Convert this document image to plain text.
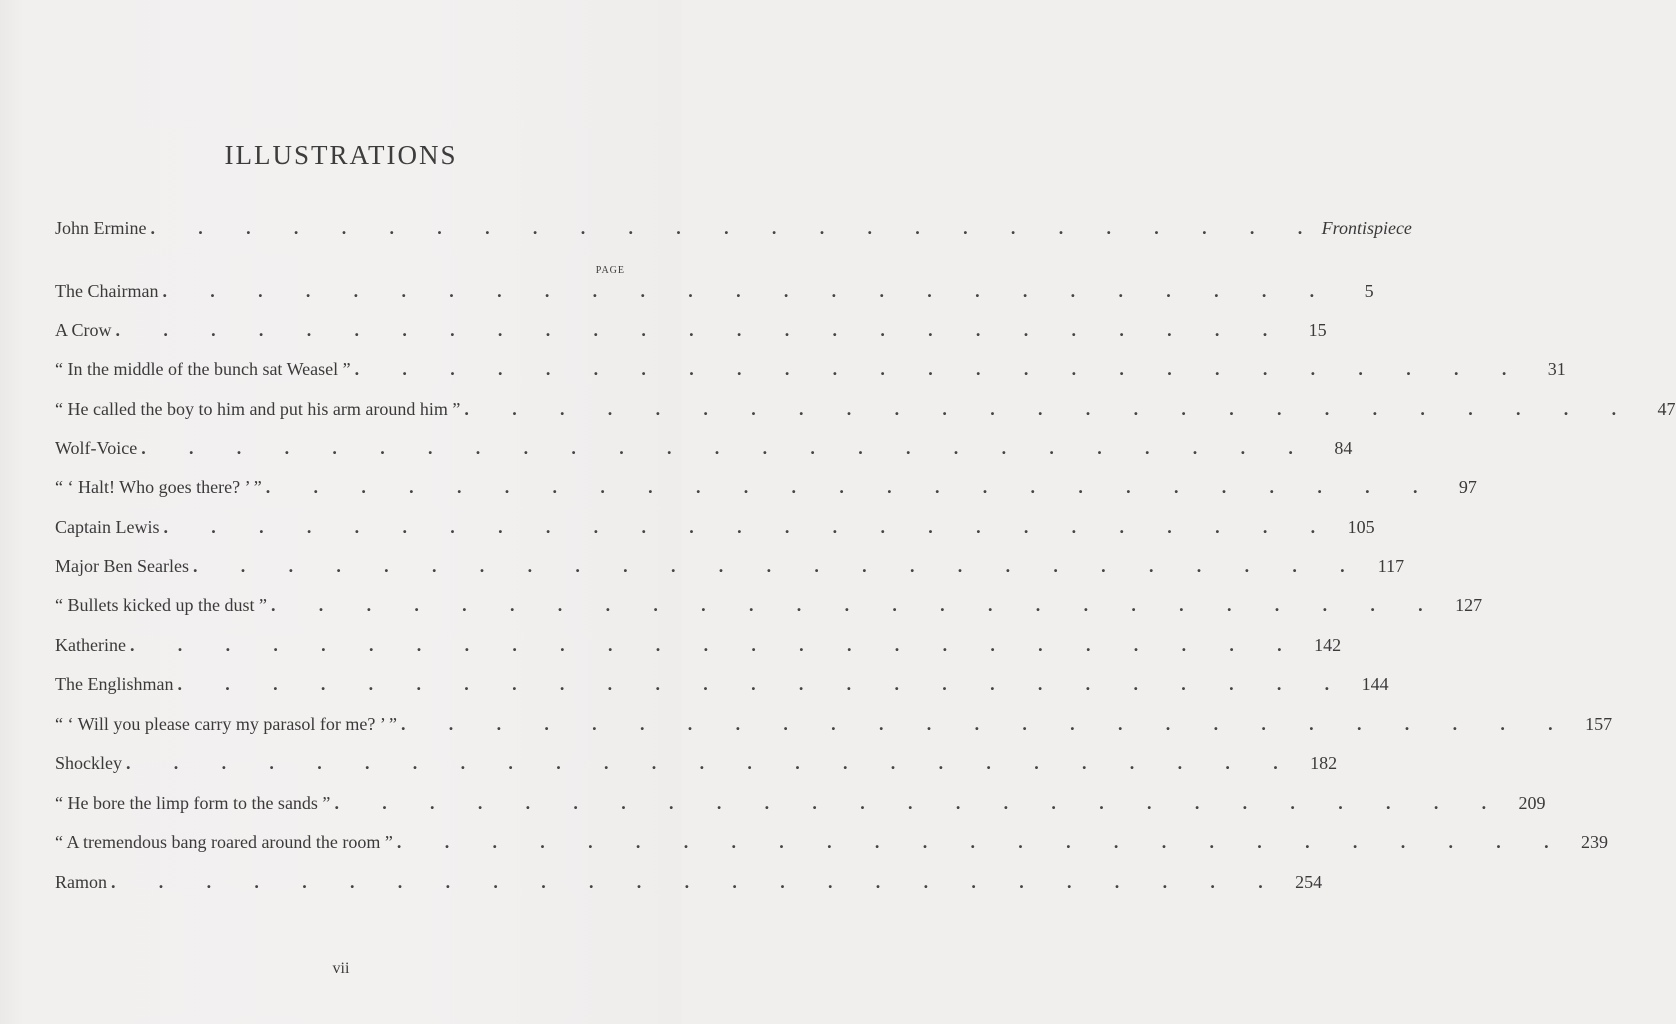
ILLUSTRATIONS
John Ermine . . . . . . . . . . . . . . . . . . . . . . . . . Frontispiece
PAGE
The Chairman . . . . . . . . . . . . . . . . . . . . . . . . .	5
A Crow . . . . . . . . . . . . . . . . . . . . . . . . .	15
“ In the middle of the bunch sat Weasel ” . . . . . . . . . . . . . . . . . . . . . . . . .	31
“ He called the boy to him and put his arm around him ” . . . . . . . . . . . . . . . . . . . . . . . . .	47
Wolf-Voice . . . . . . . . . . . . . . . . . . . . . . . . .	84
“ ‘ Halt! Who goes there? ’ ” . . . . . . . . . . . . . . . . . . . . . . . . .	97
Captain Lewis . . . . . . . . . . . . . . . . . . . . . . . . . 105
Major Ben Searles . . . . . . . . . . . . . . . . . . . . . . . . . 117
“ Bullets kicked up the dust ” . . . . . . . . . . . . . . . . . . . . . . . . . 127
Katherine . . . . . . . . . . . . . . . . . . . . . . . . . 142
The Englishman . . . . . . . . . . . . . . . . . . . . . . . . . 144
“ ‘ Will you please carry my parasol for me? ’ ” . . . . . . . . . . . . . . . . . . . . . . . . . 157
Shockley . . . . . . . . . . . . . . . . . . . . . . . . . 182
“ He bore the limp form to the sands ” . . . . . . . . . . . . . . . . . . . . . . . . . 209
“ A tremendous bang roared around the room ” . . . . . . . . . . . . . . . . . . . . . . . . . 239
Ramon . . . . . . . . . . . . . . . . . . . . . . . . . 254
vii
